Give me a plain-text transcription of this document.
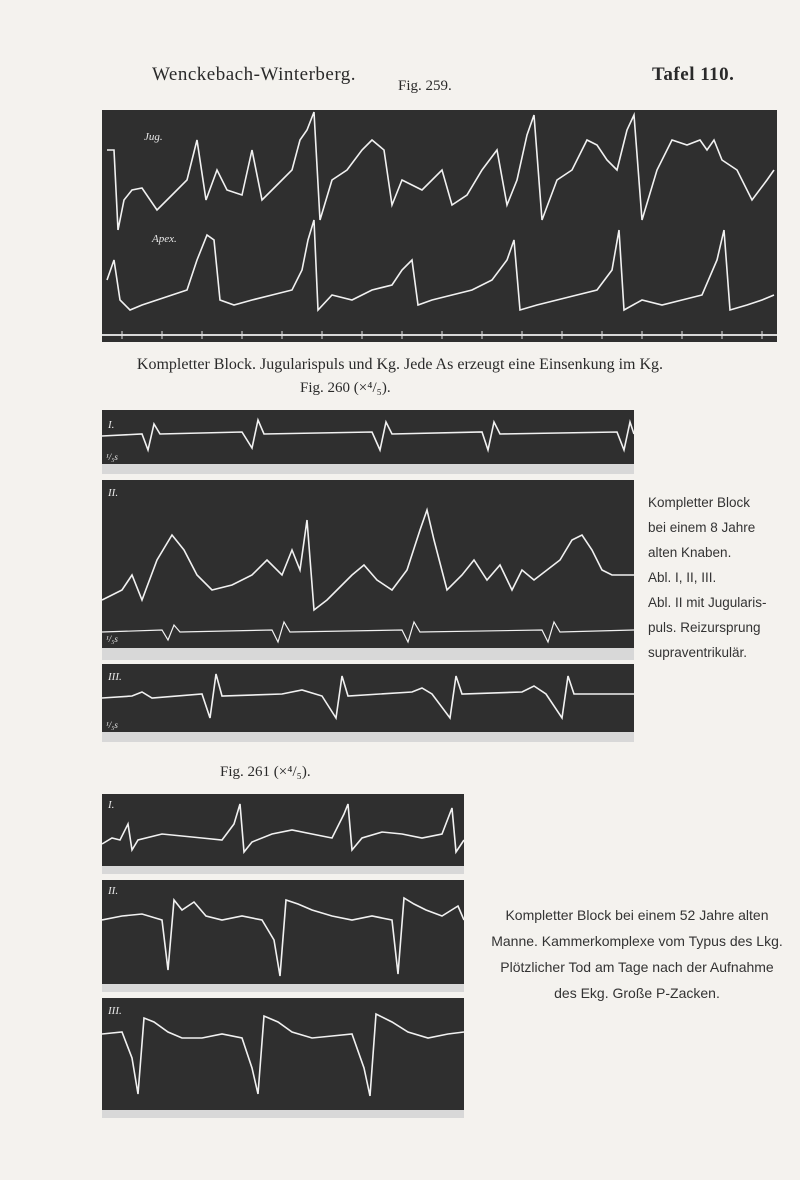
Wenckebach-Winterberg.
Fig. 259.
Tafel 110.
Jug.
Apex.
Kompletter Block. Jugularispuls und Kg. Jede As erzeugt eine Einsenkung im Kg.
Fig. 260 (×⁴/₅).
I.
¹/₅s
II.
¹/₅s
III.
¹/₅s
Kompletter Block
bei einem 8 Jahre
alten Knaben.
Abl. I, II, III.
Abl. II mit Jugularis-
puls. Reizursprung
supraventrikulär.
Fig. 261 (×⁴/₅).
I.
II.
III.
Kompletter Block bei einem 52 Jahre alten
Manne. Kammerkomplexe vom Typus des Lkg.
Plötzlicher Tod am Tage nach der Aufnahme
des Ekg. Große P-Zacken.
